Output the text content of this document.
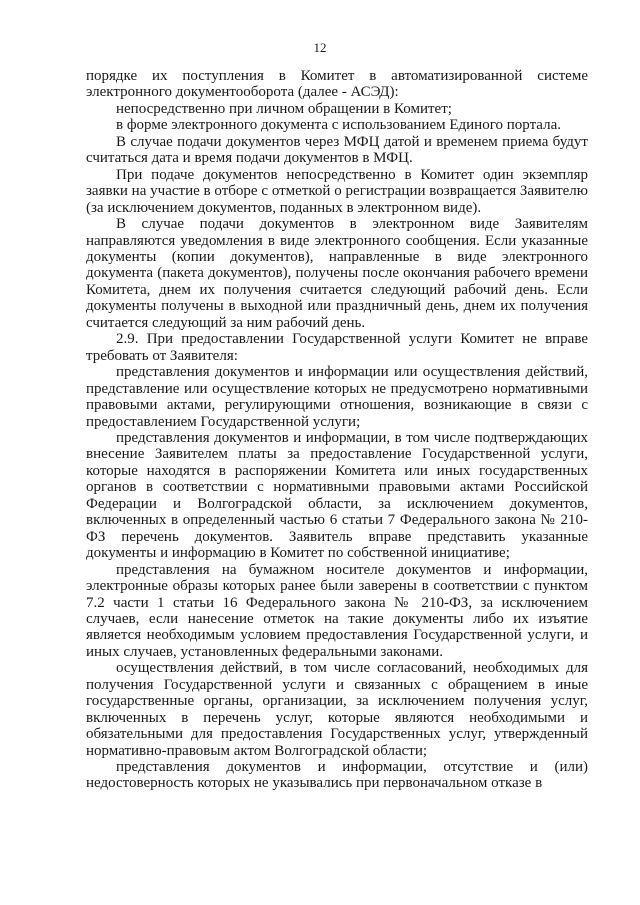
12

порядке их поступления в Комитет в автоматизированной системе электронного документооборота (далее - АСЭД):

непосредственно при личном обращении в Комитет;

в форме электронного документа с использованием Единого портала.

В случае подачи документов через МФЦ датой и временем приема будут считаться дата и время подачи документов в МФЦ.

При подаче документов непосредственно в Комитет один экземпляр заявки на участие в отборе с отметкой о регистрации возвращается Заявителю (за исключением документов, поданных в электронном виде).

В случае подачи документов в электронном виде Заявителям направляются уведомления в виде электронного сообщения. Если указанные документы (копии документов), направленные в виде электронного документа (пакета документов), получены после окончания рабочего времени Комитета, днем их получения считается следующий рабочий день. Если документы получены в выходной или праздничный день, днем их получения считается следующий за ним рабочий день.

2.9. При предоставлении Государственной услуги Комитет не вправе требовать от Заявителя:

представления документов и информации или осуществления действий, представление или осуществление которых не предусмотрено нормативными правовыми актами, регулирующими отношения, возникающие в связи с предоставлением Государственной услуги;

представления документов и информации, в том числе подтверждающих внесение Заявителем платы за предоставление Государственной услуги, которые находятся в распоряжении Комитета или иных государственных органов в соответствии с нормативными правовыми актами Российской Федерации и Волгоградской области, за исключением документов, включенных в определенный частью 6 статьи 7 Федерального закона № 210-ФЗ перечень документов. Заявитель вправе представить указанные документы и информацию в Комитет по собственной инициативе;

представления на бумажном носителе документов и информации, электронные образы которых ранее были заверены в соответствии с пунктом 7.2 части 1 статьи 16 Федерального закона № 210-ФЗ, за исключением случаев, если нанесение отметок на такие документы либо их изъятие является необходимым условием предоставления Государственной услуги, и иных случаев, установленных федеральными законами.

осуществления действий, в том числе согласований, необходимых для получения Государственной услуги и связанных с обращением в иные государственные органы, организации, за исключением получения услуг, включенных в перечень услуг, которые являются необходимыми и обязательными для предоставления Государственных услуг, утвержденный нормативно-правовым актом Волгоградской области;

представления документов и информации, отсутствие и (или) недостоверность которых не указывались при первоначальном отказе в
